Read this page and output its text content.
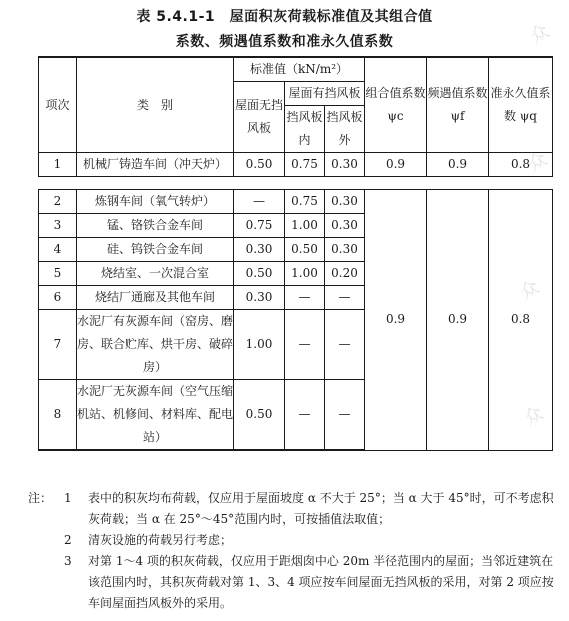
表 5.4.1-1　屋面积灰荷载标准值及其组合值
系数、频遇值系数和准永久值系数
项次	类　别	标准值（kN/m²）			组合值系数 ψc	频遇值系数 ψf	准永久值系数 ψq
		屋面无挡风板	屋面有挡风板				
			挡风板内	挡风板外			
1	机械厂铸造车间（冲天炉）	0.50	0.75	0.30	0.9	0.9	0.8

2	炼钢车间（氧气转炉）	—	0.75	0.30	0.9	0.9	0.8
3	锰、铬铁合金车间	0.75	1.00	0.30			
4	硅、钨铁合金车间	0.30	0.50	0.30			
5	烧结室、一次混合室	0.50	1.00	0.20			
6	烧结厂通廊及其他车间	0.30	—	—			
7	水泥厂有灰源车间（窑房、磨房、联合贮库、烘干房、破碎房）	1.00	—	—			
8	水泥厂无灰源车间（空气压缩机站、机修间、材料库、配电站）	0.50	—	—			
注： 1	表中的积灰均布荷载，仅应用于屋面坡度 α 不大于 25°；当 α 大于 45°时，可不考虑积灰荷载；当 α 在 25°～45°范围内时，可按插值法取值；
2	清灰设施的荷载另行考虑；
3	对第 1～4 项的积灰荷载，仅应用于距烟囱中心 20m 半径范围内的屋面；当邻近建筑在该范围内时，其积灰荷载对第 1、3、4 项应按车间屋面无挡风板的采用，对第 2 项应按车间屋面挡风板外的采用。
众
众
众
众
